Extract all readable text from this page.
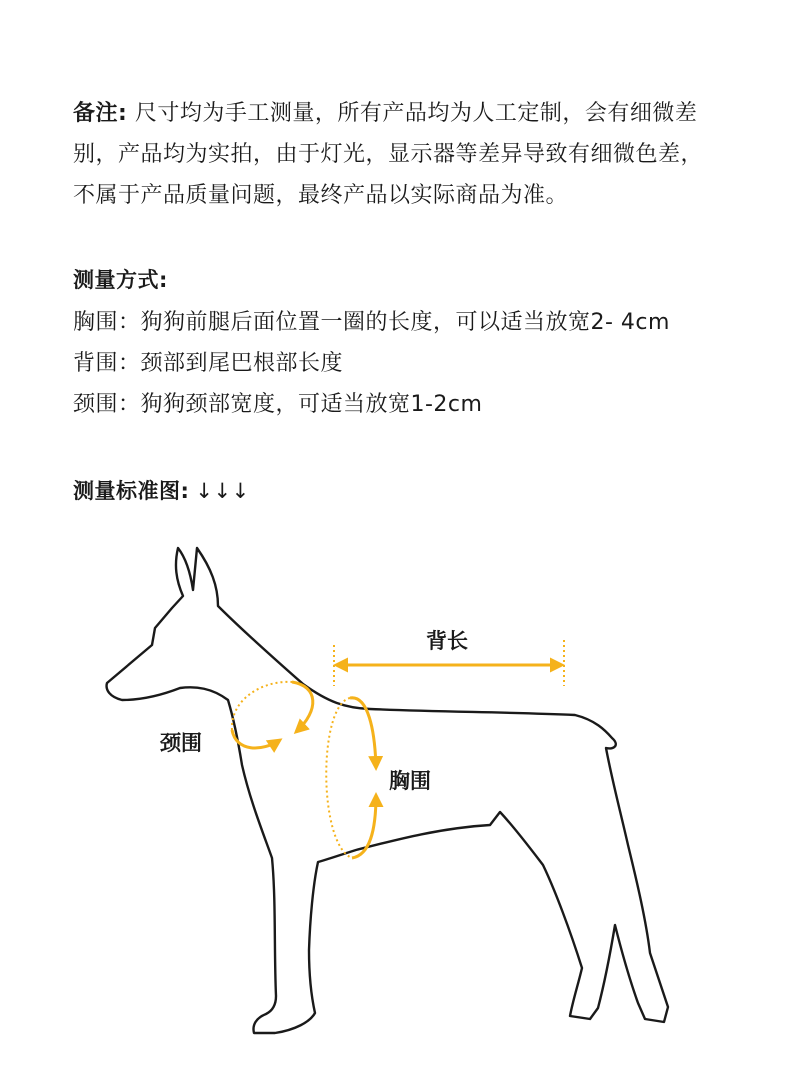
备注: 尺寸均为手工测量，所有产品均为人工定制，会有细微差别，产品均为实拍，由于灯光，显示器等差异导致有细微色差，不属于产品质量问题，最终产品以实际商品为准。

测量方式:
胸围：狗狗前腿后面位置一圈的长度，可以适当放宽2- 4cm
背围：颈部到尾巴根部长度
颈围：狗狗颈部宽度，可适当放宽1-2cm
测量标准图: ↓↓↓
背长
颈围
胸围
